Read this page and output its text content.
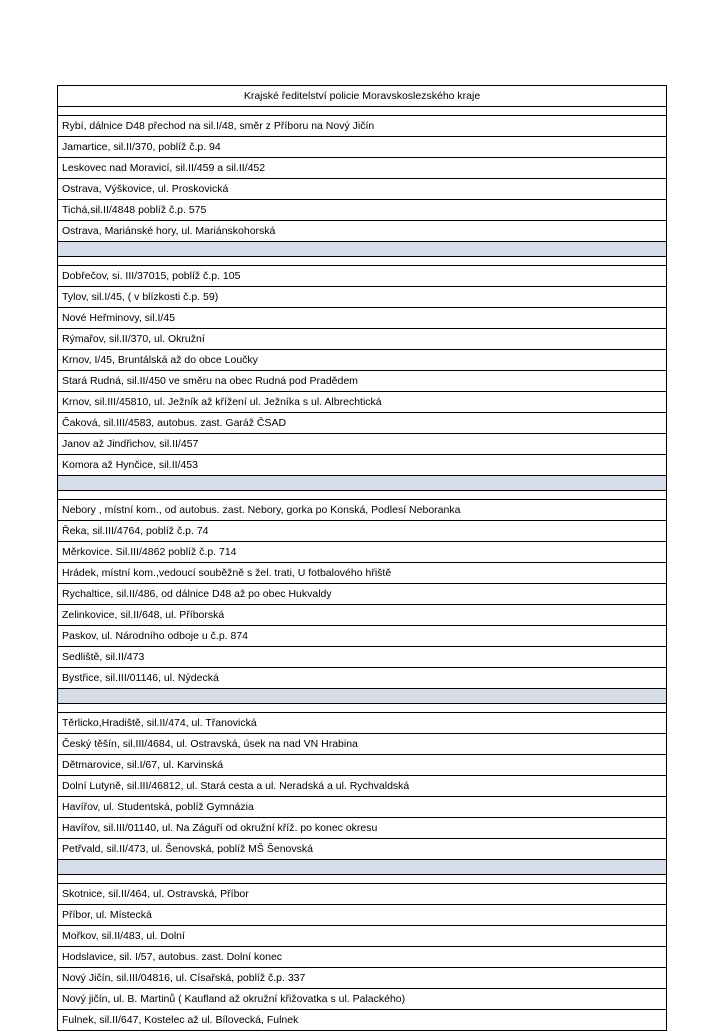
Krajské ředitelství policie Moravskoslezského kraje

Rybí, dálnice D48 přechod na sil.I/48, směr z Příboru na Nový Jičín
Jamartice, sil.II/370, poblíž č.p. 94
Leskovec nad Moravicí, sil.II/459 a sil.II/452
Ostrava, Výškovice, ul. Proskovická
Tichá,sil.II/4848 poblíž č.p. 575
Ostrava, Mariánské hory, ul. Mariánskohorská

Dobřečov, si. III/37015, poblíž č.p. 105
Tylov, sil.I/45, ( v blízkosti č.p. 59)
Nové Heřminovy, sil.I/45
Rýmařov, sil.II/370, ul. Okružní
Krnov, I/45, Bruntálská až do obce Loučky
Stará Rudná, sil.II/450 ve směru na obec Rudná pod Pradědem
Krnov, sil.III/45810, ul. Ježník až křížení ul. Ježníka s ul. Albrechtická
Čaková, sil.III/4583, autobus. zast. Garáž ČSAD
Janov až Jindřichov, sil.II/457
Komora až Hynčice, sil.II/453

Nebory , místní kom., od autobus. zast. Nebory, gorka po Konská, Podlesí Neboranka
Řeka, sil.III/4764, poblíž č.p. 74
Měrkovice. Sil.III/4862 poblíž č.p. 714
Hrádek, místní kom.,vedoucí souběžně s žel. trati, U fotbalového hřiště
Rychaltice, sil.II/486, od dálnice D48 až po obec Hukvaldy
Zelinkovice, sil.II/648, ul. Příborská
Paskov, ul. Národního odboje u č.p. 874
Sedliště, sil.II/473
Bystřice, sil.III/01146, ul. Nýdecká

Těrlicko,Hradiště, sil.II/474, ul. Třanovická
Český těšín, sil.III/4684, ul. Ostravská, úsek na nad VN Hrabina
Dětmarovice, sil.I/67, ul. Karvinská
Dolní Lutyně, sil.III/46812, ul. Stará cesta a ul. Neradská a ul. Rychvaldská
Havířov, ul. Studentská, poblíž Gymnázia
Havířov, sil.III/01140, ul. Na Záguří od okružní kříž. po konec okresu
Petřvald, sil.II/473, ul. Šenovská, poblíž MŠ Šenovská

Skotnice, sil.II/464, ul. Ostravská, Příbor
Příbor, ul. Místecká
Mořkov, sil.II/483, ul. Dolní
Hodslavice, sil. I/57, autobus. zast. Dolní konec
Nový Jičín, sil.III/04816, ul. Císařská, poblíž č.p. 337
Nový jičín, ul. B. Martinů ( Kaufland až okružní křižovatka s ul. Palackého)
Fulnek, sil.II/647, Kostelec až ul. Bílovecká, Fulnek
